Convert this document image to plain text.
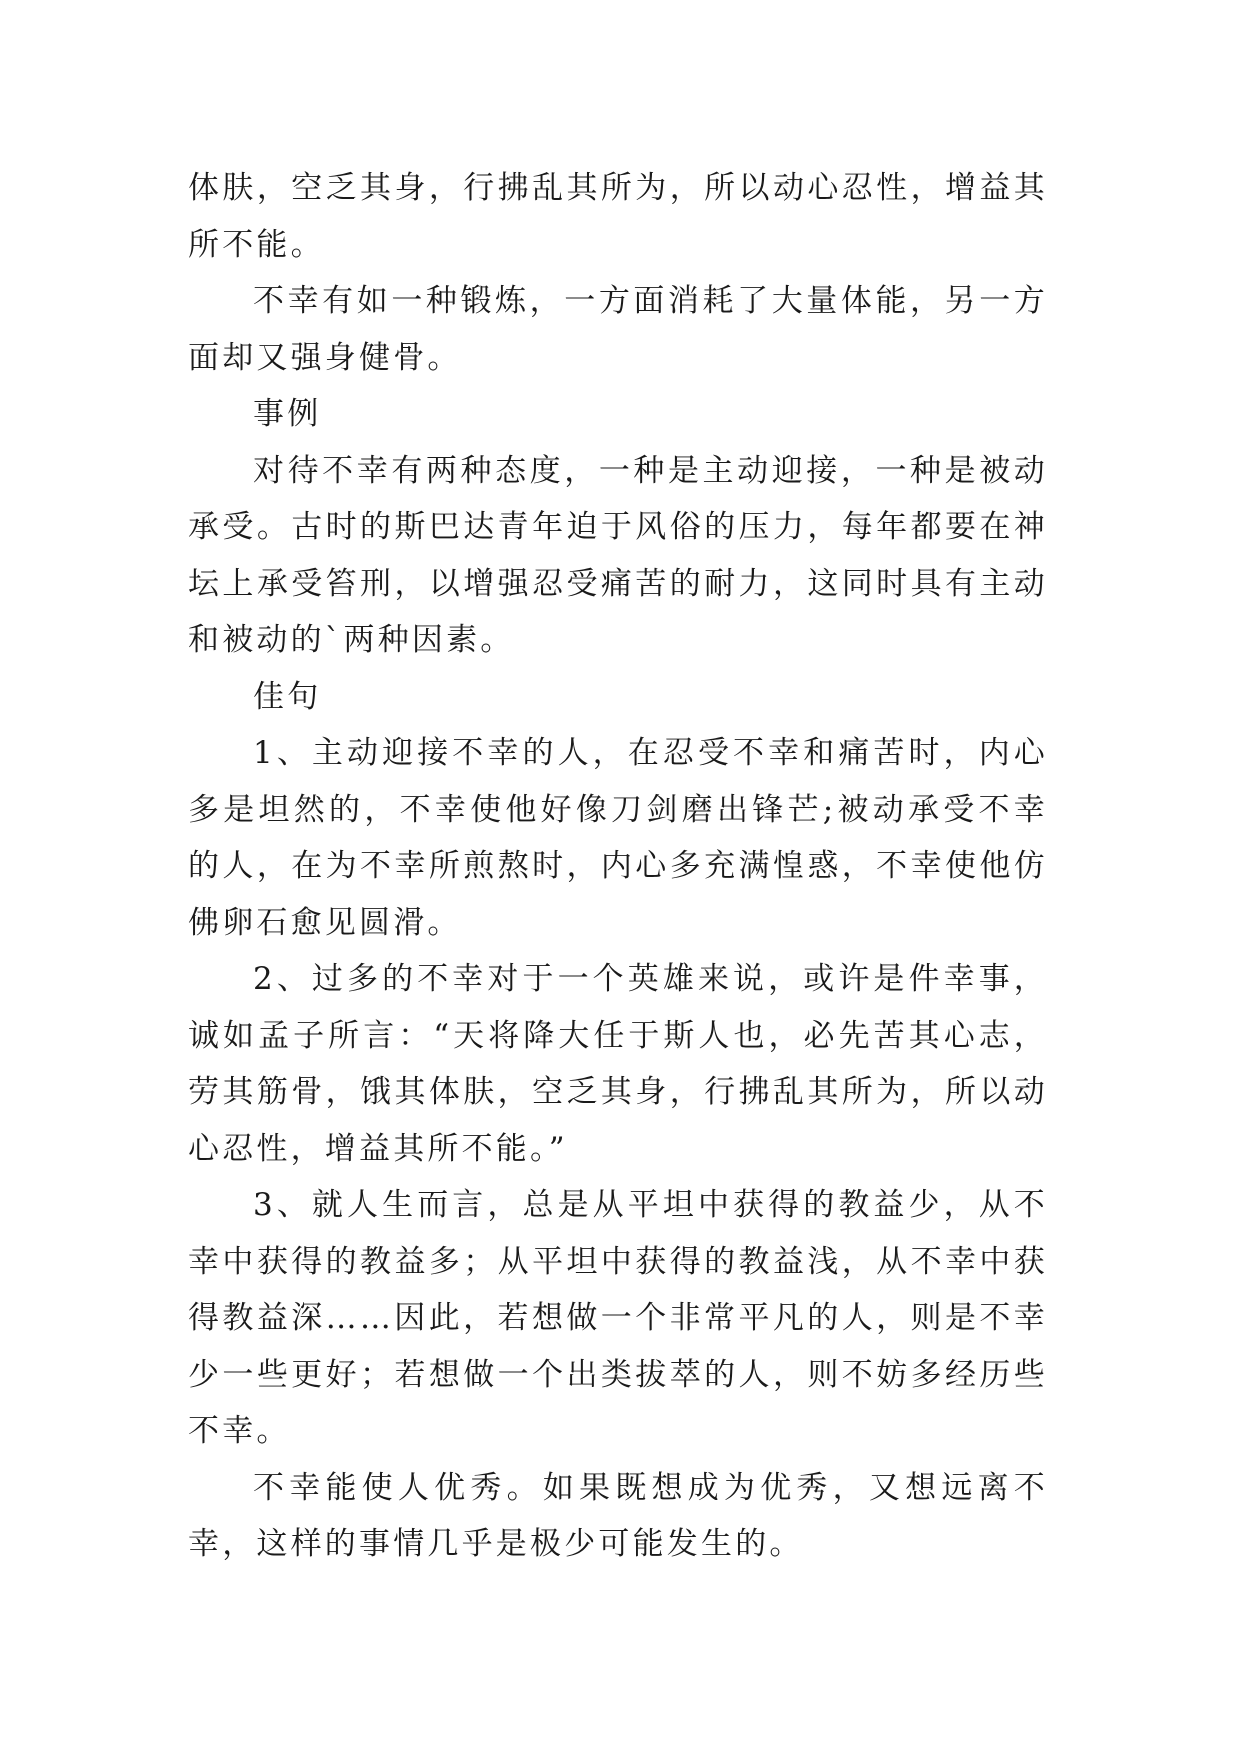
体肤，空乏其身，行拂乱其所为，所以动心忍性，增益其所不能。

不幸有如一种锻炼，一方面消耗了大量体能，另一方面却又强身健骨。

事例

对待不幸有两种态度，一种是主动迎接，一种是被动承受。古时的斯巴达青年迫于风俗的压力，每年都要在神坛上承受笞刑，以增强忍受痛苦的耐力，这同时具有主动和被动的`两种因素。

佳句

1、主动迎接不幸的人，在忍受不幸和痛苦时，内心多是坦然的，不幸使他好像刀剑磨出锋芒;被动承受不幸的人，在为不幸所煎熬时，内心多充满惶惑，不幸使他仿佛卵石愈见圆滑。

2、过多的不幸对于一个英雄来说，或许是件幸事，诚如孟子所言：“天将降大任于斯人也，必先苦其心志，劳其筋骨，饿其体肤，空乏其身，行拂乱其所为，所以动心忍性，增益其所不能。”

3、就人生而言，总是从平坦中获得的教益少，从不幸中获得的教益多；从平坦中获得的教益浅，从不幸中获得教益深……因此，若想做一个非常平凡的人，则是不幸少一些更好；若想做一个出类拔萃的人，则不妨多经历些不幸。

不幸能使人优秀。如果既想成为优秀，又想远离不幸，这样的事情几乎是极少可能发生的。
